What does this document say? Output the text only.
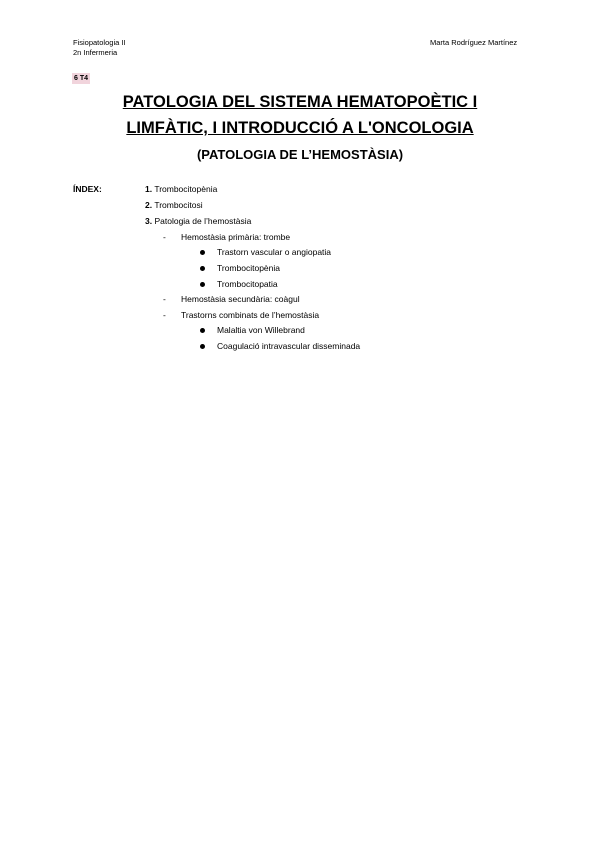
Fisiopatologia II
2n Infermeria
Marta Rodríguez Martínez
6 T4
PATOLOGIA DEL SISTEMA HEMATOPOÈTIC I
LIMFÀTIC, I INTRODUCCIÓ A L'ONCOLOGIA
(PATOLOGIA DE L’HEMOSTÀSIA)
ÍNDEX:	1. Trombocitopènia
2. Trombocitosi
3. Patologia de l’hemostàsia
- Hemostàsia primària: trombe
Trastorn vascular o angiopatia
Trombocitopènia
Trombocitopatia
- Hemostàsia secundària: coàgul
- Trastorns combinats de l’hemostàsia
Malaltia von Willebrand
Coagulació intravascular disseminada
